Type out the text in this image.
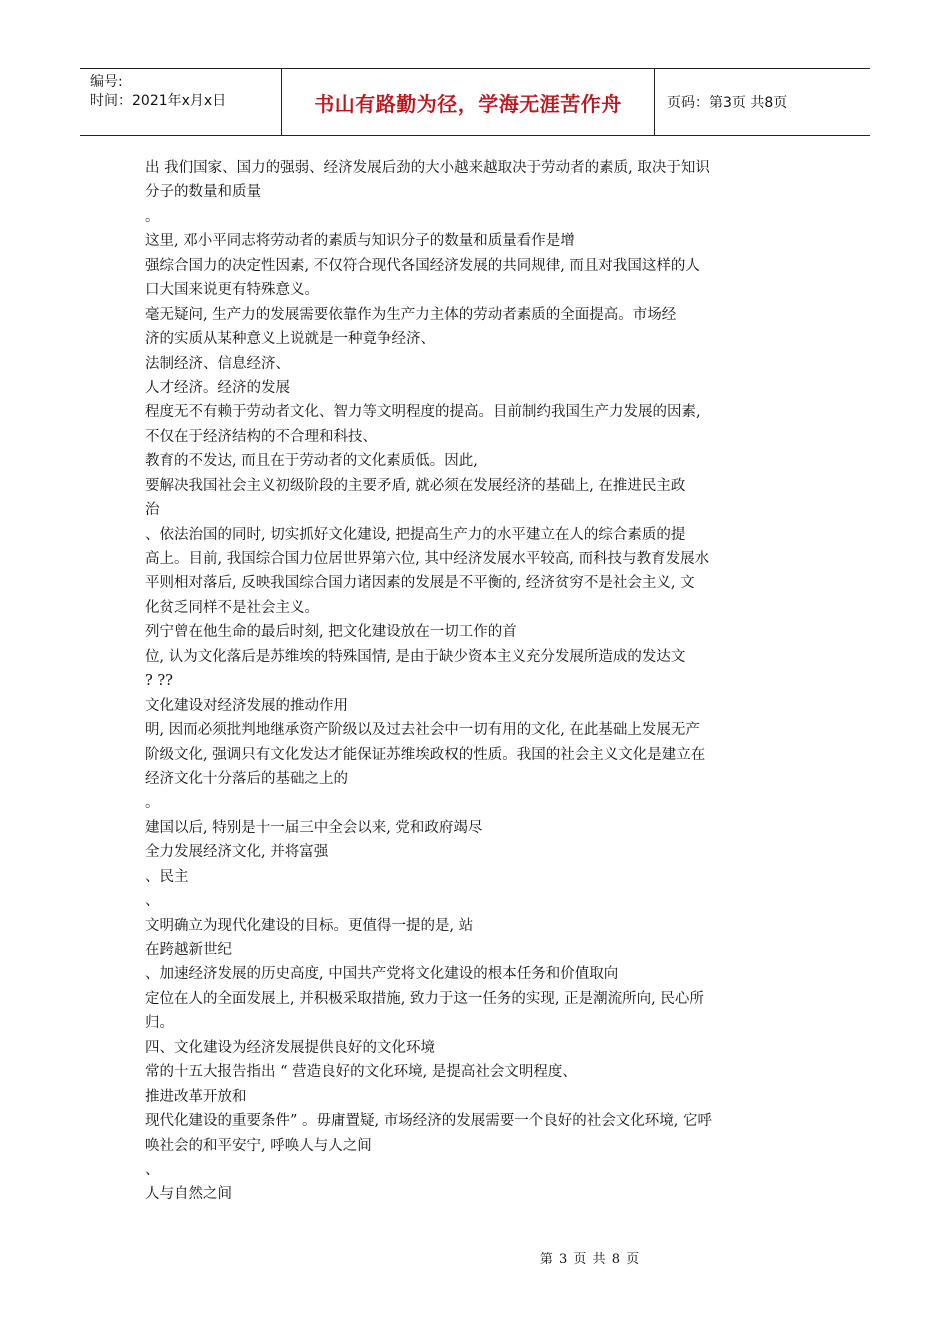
编号:
时间：2021年x月x日	书山有路勤为径，学海无涯苦作舟	页码：第3页 共8页
出 我们国家、国力的强弱、经济发展后劲的大小越来越取决于劳动者的素质, 取决于知识
分子的数量和质量
。
这里, 邓小平同志将劳动者的素质与知识分子的数量和质量看作是增
强综合国力的决定性因素, 不仅符合现代各国经济发展的共同规律, 而且对我国这样的人
口大国来说更有特殊意义。
毫无疑问, 生产力的发展需要依靠作为生产力主体的劳动者素质的全面提高。市场经
济的实质从某种意义上说就是一种竟争经济、
法制经济、信息经济、
人才经济。经济的发展
程度无不有赖于劳动者文化、智力等文明程度的提高。目前制约我国生产力发展的因素,
不仅在于经济结构的不合理和科技、
教育的不发达, 而且在于劳动者的文化素质低。因此,
要解决我国社会主义初级阶段的主要矛盾, 就必须在发展经济的基础上, 在推进民主政
治
、依法治国的同时, 切实抓好文化建设, 把提高生产力的水平建立在人的综合素质的提
高上。目前, 我国综合国力位居世界第六位, 其中经济发展水平较高, 而科技与教育发展水
平则相对落后, 反映我国综合国力诸因素的发展是不平衡的, 经济贫穷不是社会主义, 文
化贫乏同样不是社会主义。
列宁曾在他生命的最后时刻, 把文化建设放在一切工作的首
位, 认为文化落后是苏维埃的特殊国情, 是由于缺少资本主义充分发展所造成的发达文
? ??
文化建设对经济发展的推动作用
明, 因而必须批判地继承资产阶级以及过去社会中一切有用的文化, 在此基础上发展无产
阶级文化, 强调只有文化发达才能保证苏维埃政权的性质。我国的社会主义文化是建立在
经济文化十分落后的基础之上的
。
建国以后, 特别是十一届三中全会以来, 党和政府竭尽
全力发展经济文化, 并将富强
、民主
、
文明确立为现代化建设的目标。更值得一提的是, 站
在跨越新世纪
、加速经济发展的历史高度, 中国共产党将文化建设的根本任务和价值取向
定位在人的全面发展上, 并积极采取措施, 致力于这一任务的实现, 正是潮流所向, 民心所
归。
四、文化建设为经济发展提供良好的文化环境
常的十五大报告指出 “ 营造良好的文化环境, 是提高社会文明程度、
推进改革开放和
现代化建设的重要条件” 。毋庸置疑, 市场经济的发展需要一个良好的社会文化环境, 它呼
唤社会的和平安宁, 呼唤人与人之间
、
人与自然之间
第 3 页 共 8 页
